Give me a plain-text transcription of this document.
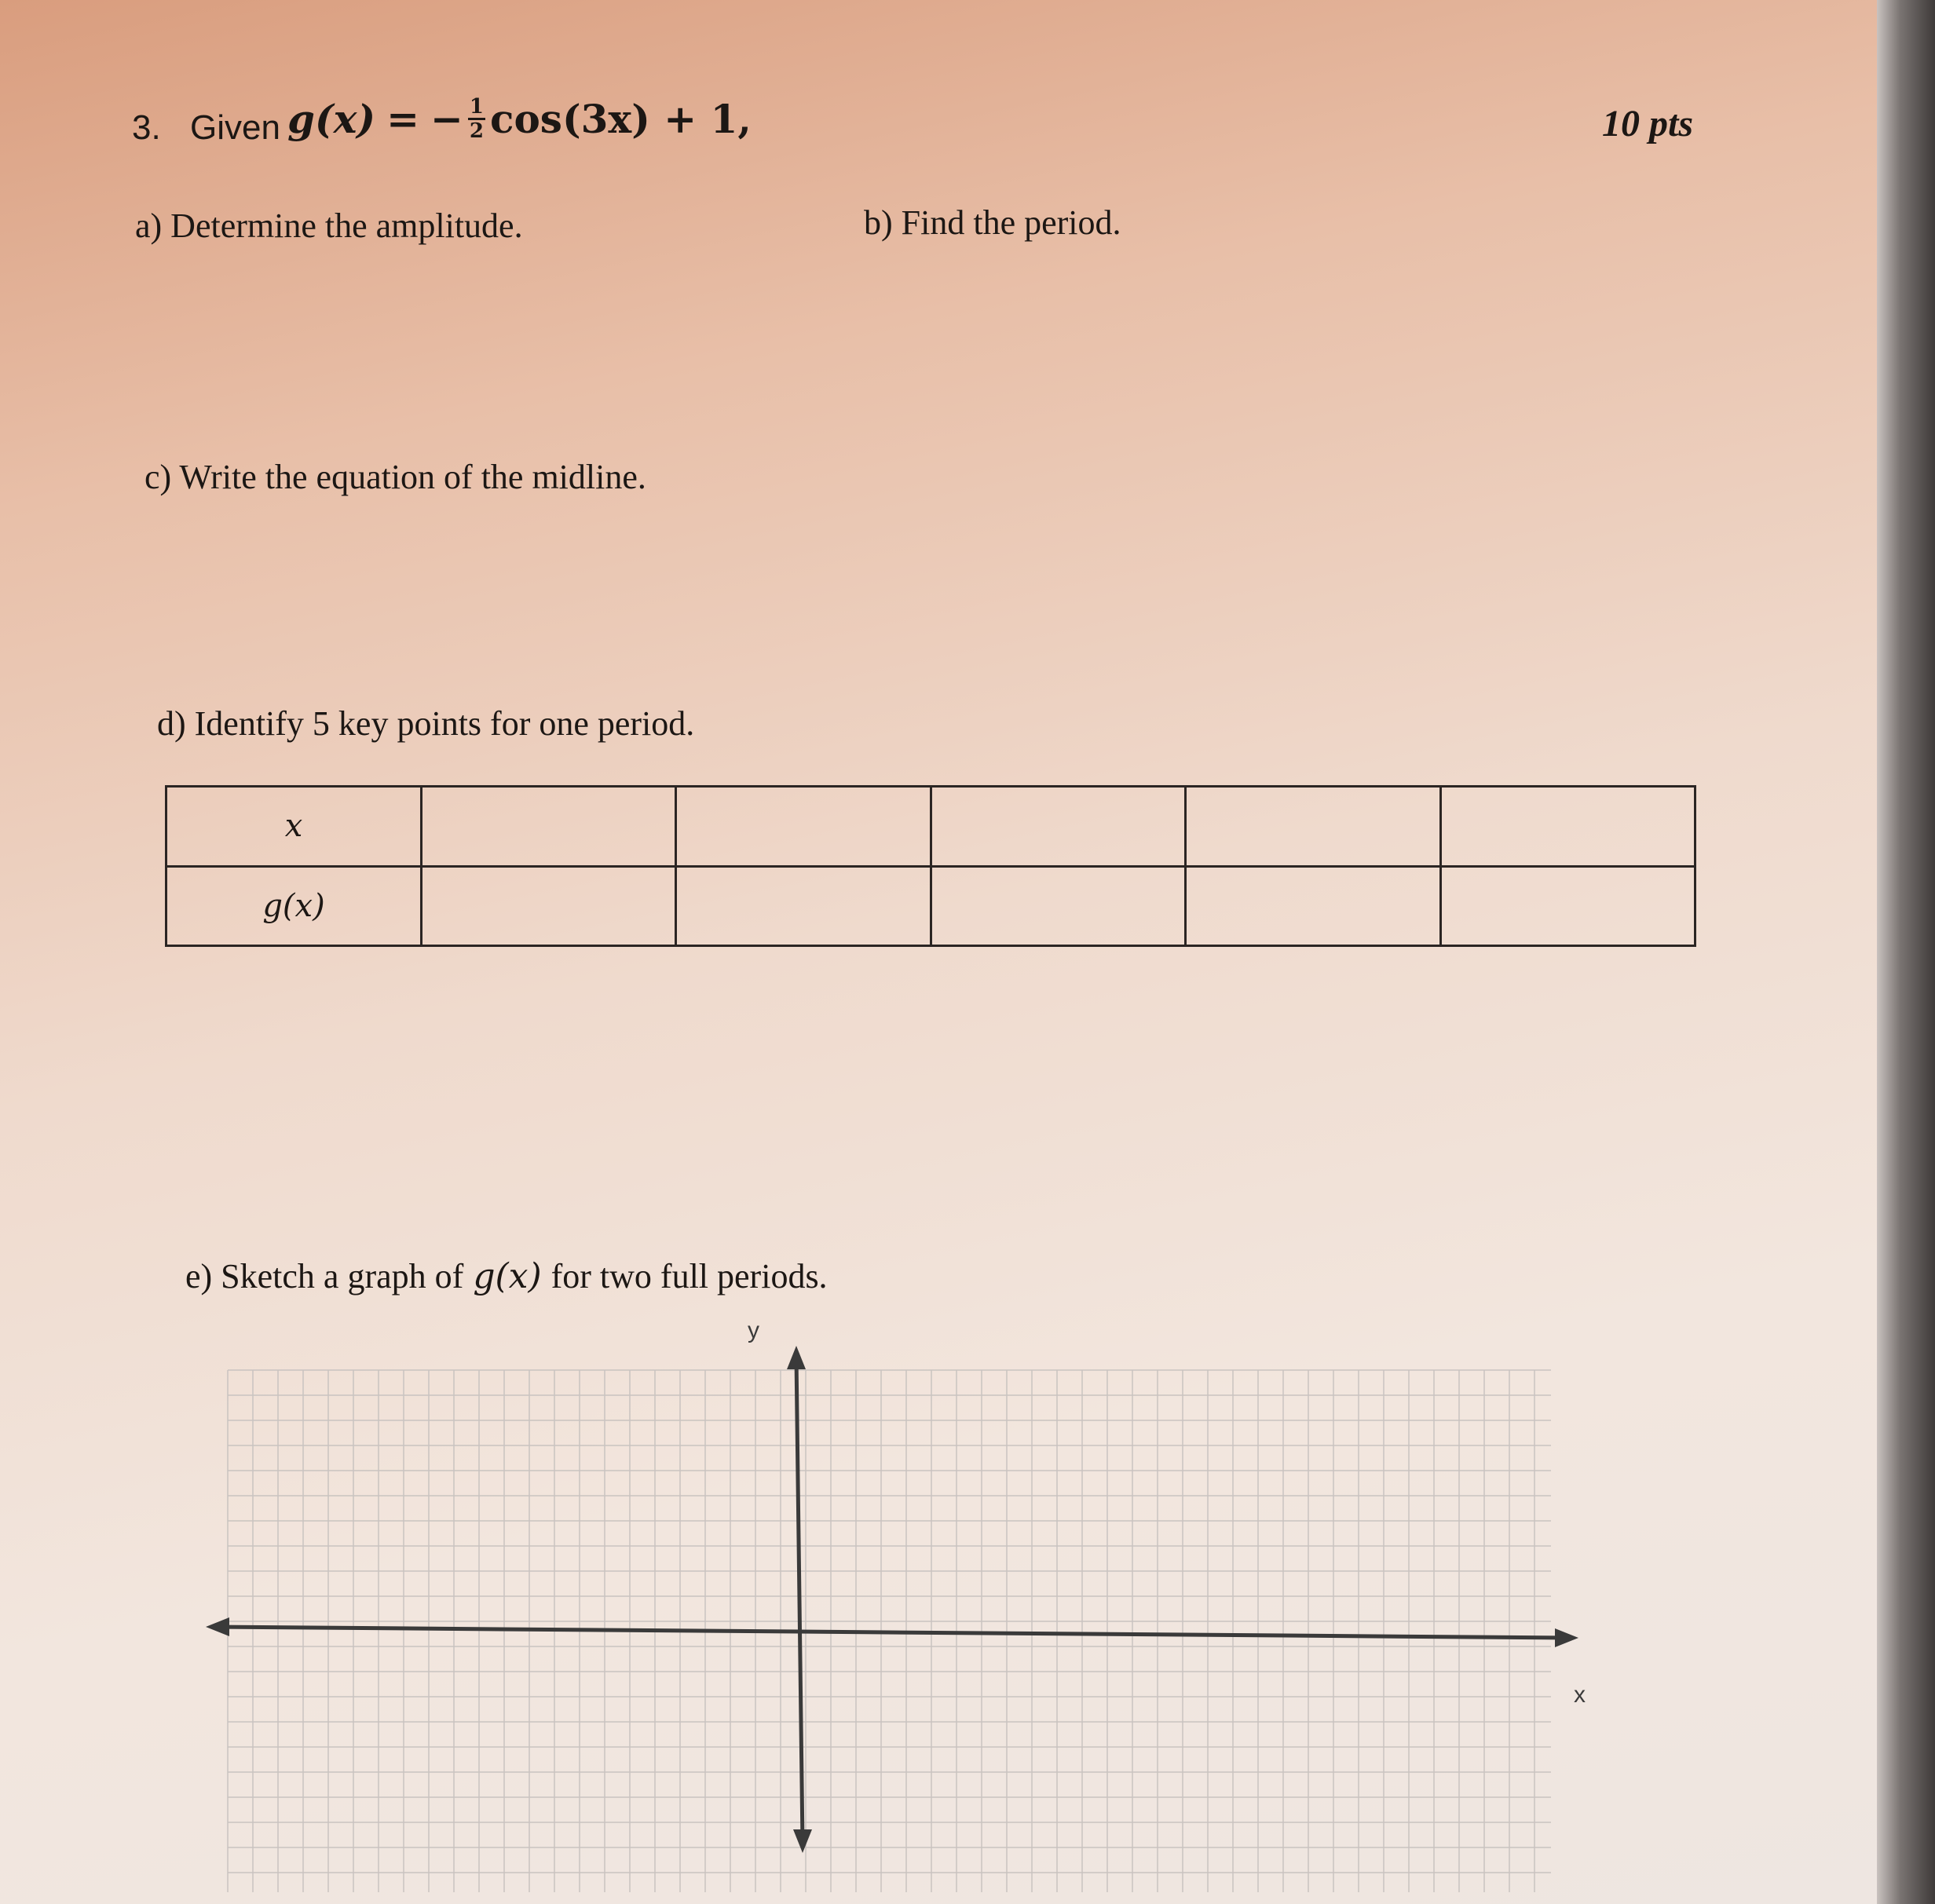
3. Given g(x) = − $\frac{1}{2} \cos(3x) + 1$,	10 pts
a) Determine the amplitude.	b) Find the period.
c) Write the equation of the midline.
d) Identify 5 key points for one period.
x					
g(x)					
e) Sketch a graph of g(x) for two full periods.
y
x
